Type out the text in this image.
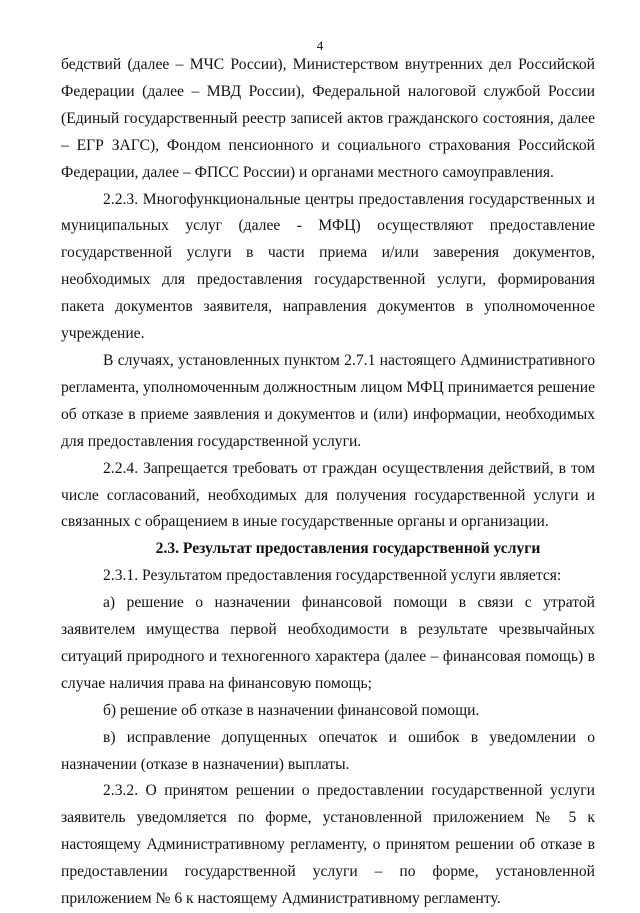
4

бедствий (далее – МЧС России), Министерством внутренних дел Российской Федерации (далее – МВД России), Федеральной налоговой службой России (Единый государственный реестр записей актов гражданского состояния, далее – ЕГР ЗАГС), Фондом пенсионного и социального страхования Российской Федерации, далее – ФПСС России) и органами местного самоуправления.

2.2.3. Многофункциональные центры предоставления государственных и муниципальных услуг (далее - МФЦ) осуществляют предоставление государственной услуги в части приема и/или заверения документов, необходимых для предоставления государственной услуги, формирования пакета документов заявителя, направления документов в уполномоченное учреждение.

В случаях, установленных пунктом 2.7.1 настоящего Административного регламента, уполномоченным должностным лицом МФЦ принимается решение об отказе в приеме заявления и документов и (или) информации, необходимых для предоставления государственной услуги.

2.2.4. Запрещается требовать от граждан осуществления действий, в том числе согласований, необходимых для получения государственной услуги и связанных с обращением в иные государственные органы и организации.

2.3. Результат предоставления государственной услуги

2.3.1. Результатом предоставления государственной услуги является:

а) решение о назначении финансовой помощи в связи с утратой заявителем имущества первой необходимости в результате чрезвычайных ситуаций природного и техногенного характера (далее – финансовая помощь) в случае наличия права на финансовую помощь;

б) решение об отказе в назначении финансовой помощи.

в) исправление допущенных опечаток и ошибок в уведомлении о назначении (отказе в назначении) выплаты.

2.3.2. О принятом решении о предоставлении государственной услуги заявитель уведомляется по форме, установленной приложением № 5 к настоящему Административному регламенту, о принятом решении об отказе в предоставлении государственной услуги – по форме, установленной приложением № 6 к настоящему Административному регламенту.
